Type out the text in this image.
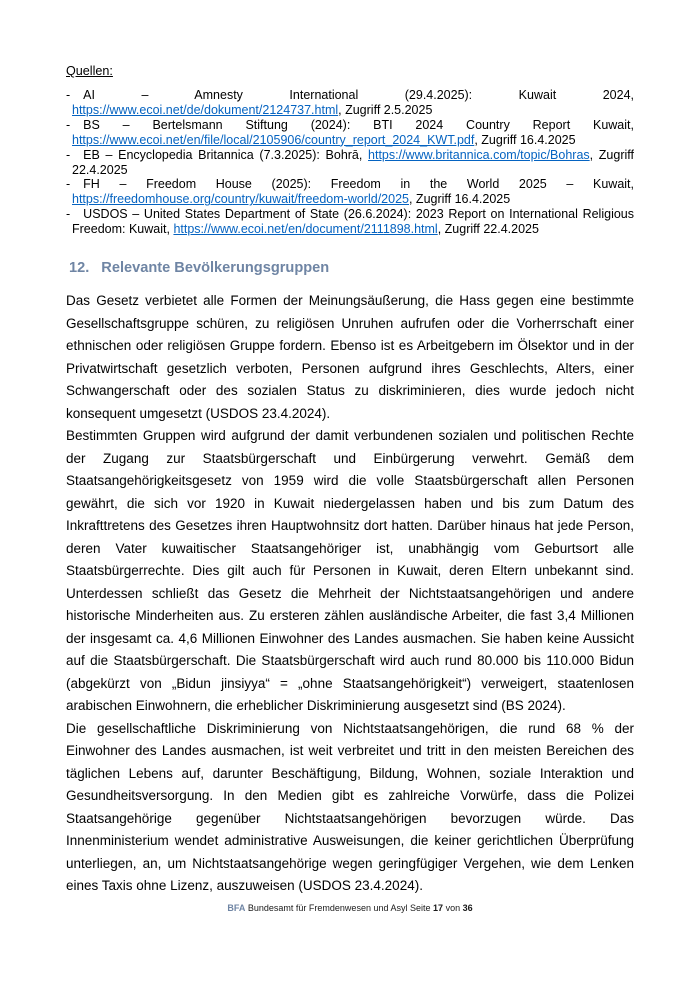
Quellen:
- AI – Amnesty International (29.4.2025): Kuwait 2024, https://www.ecoi.net/de/dokument/2124737.html, Zugriff 2.5.2025
- BS – Bertelsmann Stiftung (2024): BTI 2024 Country Report Kuwait, https://www.ecoi.net/en/file/local/2105906/country_report_2024_KWT.pdf, Zugriff 16.4.2025
- EB – Encyclopedia Britannica (7.3.2025): Bohrā, https://www.britannica.com/topic/Bohras, Zugriff 22.4.2025
- FH – Freedom House (2025): Freedom in the World 2025 – Kuwait, https://freedomhouse.org/country/kuwait/freedom-world/2025, Zugriff 16.4.2025
- USDOS – United States Department of State (26.6.2024): 2023 Report on International Religious Freedom: Kuwait, https://www.ecoi.net/en/document/2111898.html, Zugriff 22.4.2025
12. Relevante Bevölkerungsgruppen

Das Gesetz verbietet alle Formen der Meinungsäußerung, die Hass gegen eine bestimmte Gesellschaftsgruppe schüren, zu religiösen Unruhen aufrufen oder die Vorherrschaft einer ethnischen oder religiösen Gruppe fordern. Ebenso ist es Arbeitgebern im Ölsektor und in der Privatwirtschaft gesetzlich verboten, Personen aufgrund ihres Geschlechts, Alters, einer Schwangerschaft oder des sozialen Status zu diskriminieren, dies wurde jedoch nicht konsequent umgesetzt (USDOS 23.4.2024).

Bestimmten Gruppen wird aufgrund der damit verbundenen sozialen und politischen Rechte der Zugang zur Staatsbürgerschaft und Einbürgerung verwehrt. Gemäß dem Staatsangehörigkeitsgesetz von 1959 wird die volle Staatsbürgerschaft allen Personen gewährt, die sich vor 1920 in Kuwait niedergelassen haben und bis zum Datum des Inkrafttretens des Gesetzes ihren Hauptwohnsitz dort hatten. Darüber hinaus hat jede Person, deren Vater kuwaitischer Staatsangehöriger ist, unabhängig vom Geburtsort alle Staatsbürgerrechte. Dies gilt auch für Personen in Kuwait, deren Eltern unbekannt sind. Unterdessen schließt das Gesetz die Mehrheit der Nichtstaatsangehörigen und andere historische Minderheiten aus. Zu ersteren zählen ausländische Arbeiter, die fast 3,4 Millionen der insgesamt ca. 4,6 Millionen Einwohner des Landes ausmachen. Sie haben keine Aussicht auf die Staatsbürgerschaft. Die Staatsbürgerschaft wird auch rund 80.000 bis 110.000 Bidun (abgekürzt von „Bidun jinsiyya“ = „ohne Staatsangehörigkeit“) verweigert, staatenlosen arabischen Einwohnern, die erheblicher Diskriminierung ausgesetzt sind (BS 2024).

Die gesellschaftliche Diskriminierung von Nichtstaatsangehörigen, die rund 68 % der Einwohner des Landes ausmachen, ist weit verbreitet und tritt in den meisten Bereichen des täglichen Lebens auf, darunter Beschäftigung, Bildung, Wohnen, soziale Interaktion und Gesundheitsversorgung. In den Medien gibt es zahlreiche Vorwürfe, dass die Polizei Staatsangehörige gegenüber Nichtstaatsangehörigen bevorzugen würde. Das Innenministerium wendet administrative Ausweisungen, die keiner gerichtlichen Überprüfung unterliegen, an, um Nichtstaatsangehörige wegen geringfügiger Vergehen, wie dem Lenken eines Taxis ohne Lizenz, auszuweisen (USDOS 23.4.2024).

BFA Bundesamt für Fremdenwesen und Asyl Seite 17 von 36
